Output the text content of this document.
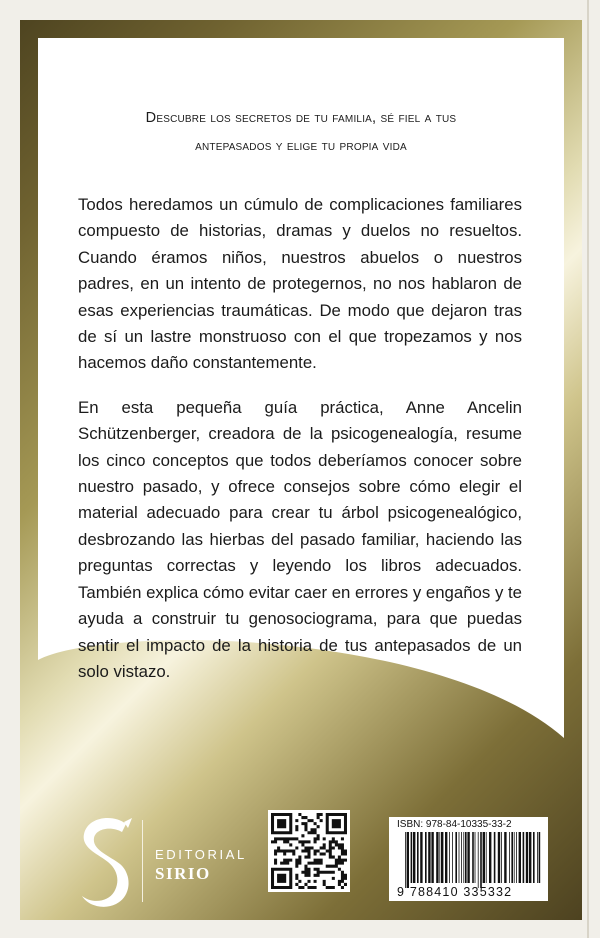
Descubre los secretos de tu familia, sé fiel a tus
antepasados y elige tu propia vida

Todos heredamos un cúmulo de complicaciones familiares compuesto de historias, dramas y duelos no resueltos. Cuando éramos niños, nuestros abuelos o nuestros padres, en un intento de protegernos, no nos hablaron de esas experiencias traumáticas. De modo que dejaron tras de sí un lastre monstruoso con el que tropezamos y nos hacemos daño constantemente.

En esta pequeña guía práctica, Anne Ancelin Schützenberger, creadora de la psicogenealogía, resume los cinco conceptos que todos deberíamos conocer sobre nuestro pasado, y ofrece consejos sobre cómo elegir el material adecuado para crear tu árbol psicogenealógico, desbrozando las hierbas del pasado familiar, haciendo las preguntas correctas y leyendo los libros adecuados. También explica cómo evitar caer en errores y engaños y te ayuda a construir tu genosociograma, para que puedas sentir el impacto de la historia de tus antepasados de un solo vistazo.

EDITORIAL
SIRIO
ISBN: 978-84-10335-33-2
9 788410 335332
